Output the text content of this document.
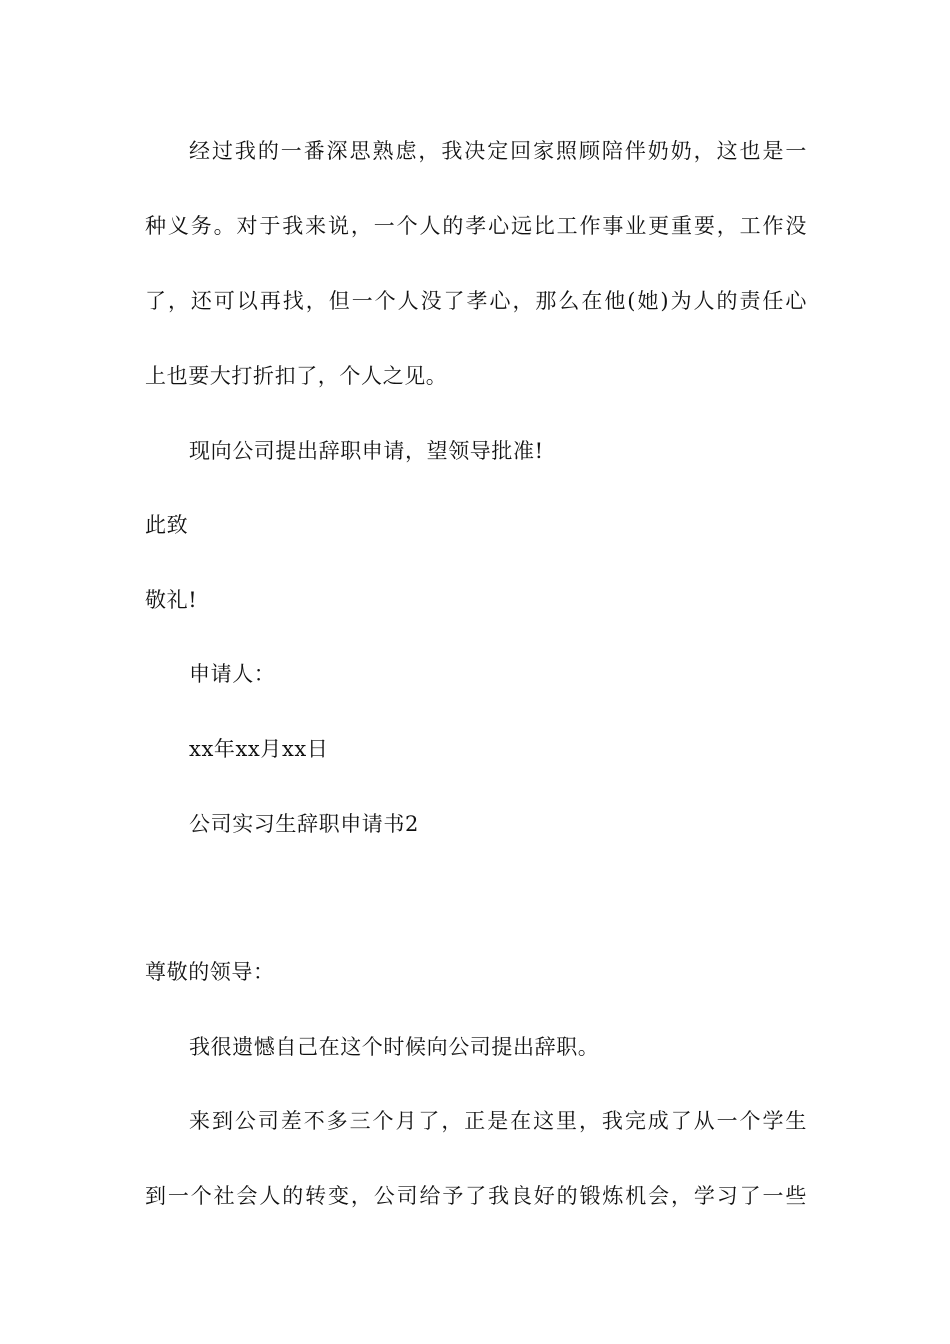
经过我的一番深思熟虑，我决定回家照顾陪伴奶奶，这也是一
种义务。对于我来说，一个人的孝心远比工作事业更重要，工作没
了，还可以再找，但一个人没了孝心，那么在他(她)为人的责任心
上也要大打折扣了，个人之见。
现向公司提出辞职申请，望领导批准!
此致
敬礼!
申请人：
xx年xx月xx日
公司实习生辞职申请书2
尊敬的领导：
我很遗憾自己在这个时候向公司提出辞职。
来到公司差不多三个月了，正是在这里，我完成了从一个学生
到一个社会人的转变，公司给予了我良好的锻炼机会，学习了一些
